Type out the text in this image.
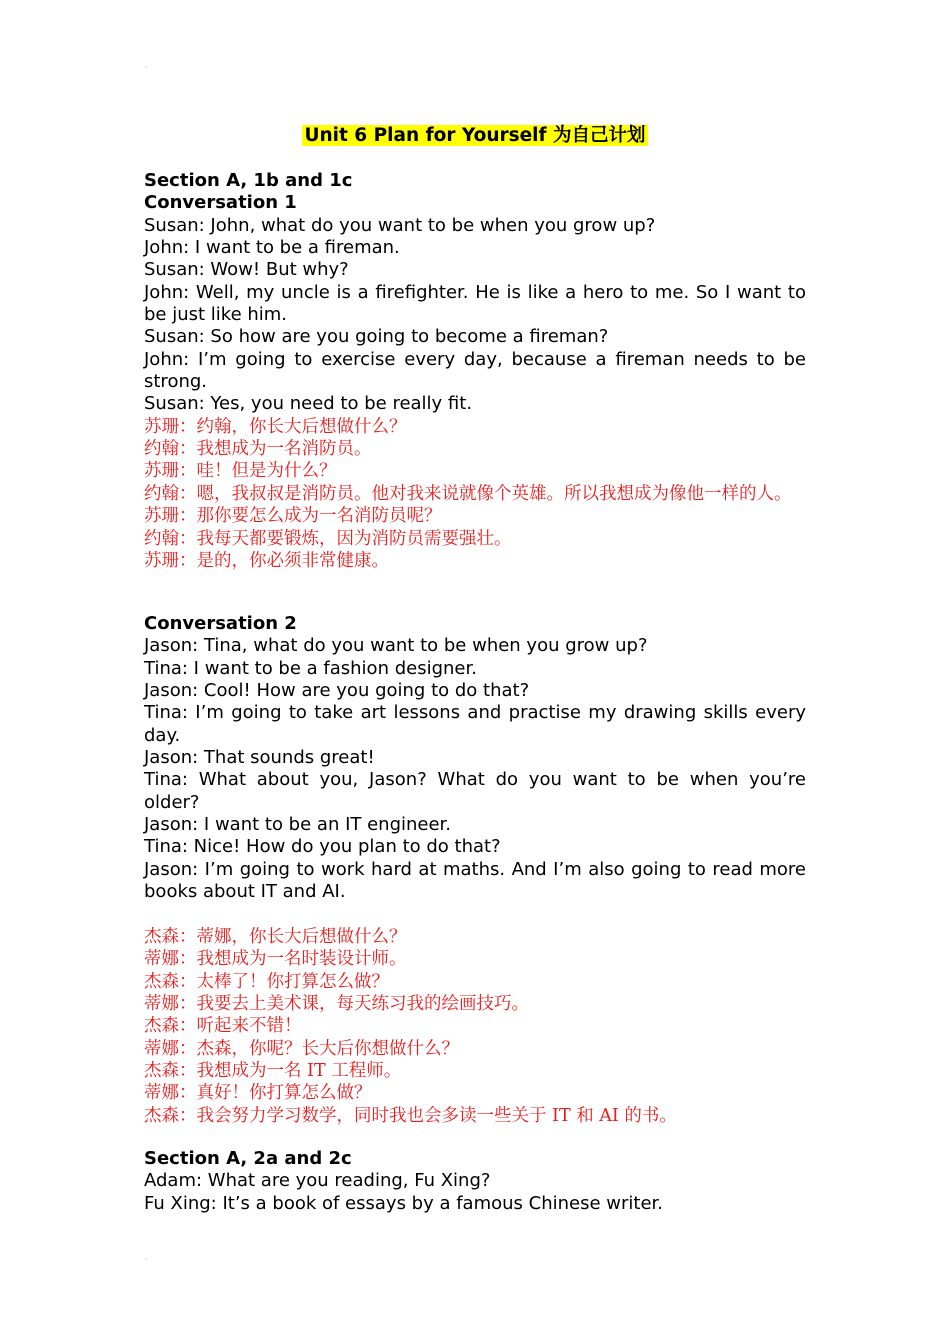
‧
Unit 6 Plan for Yourself 为自己计划

Section A, 1b and 1c

Conversation 1

Susan: John, what do you want to be when you grow up?

John: I want to be a fireman.

Susan: Wow! But why?

John: Well, my uncle is a firefighter. He is like a hero to me. So I want to be just like him.

Susan: So how are you going to become a fireman?

John: I’m going to exercise every day, because a fireman needs to be strong.

Susan: Yes, you need to be really fit.

苏珊：约翰，你长大后想做什么？

约翰：我想成为一名消防员。

苏珊：哇！但是为什么？

约翰：嗯，我叔叔是消防员。他对我来说就像个英雄。所以我想成为像他一样的人。

苏珊：那你要怎么成为一名消防员呢？

约翰：我每天都要锻炼，因为消防员需要强壮。

苏珊：是的，你必须非常健康。

Conversation 2

Jason: Tina, what do you want to be when you grow up?

Tina: I want to be a fashion designer.

Jason: Cool! How are you going to do that?

Tina: I’m going to take art lessons and practise my drawing skills every day.

Jason: That sounds great!

Tina: What about you, Jason? What do you want to be when you’re older?

Jason: I want to be an IT engineer.

Tina: Nice! How do you plan to do that?

Jason: I’m going to work hard at maths. And I’m also going to read more books about IT and AI.

杰森：蒂娜，你长大后想做什么？

蒂娜：我想成为一名时装设计师。

杰森：太棒了！你打算怎么做？

蒂娜：我要去上美术课，每天练习我的绘画技巧。

杰森：听起来不错！

蒂娜：杰森，你呢？长大后你想做什么？

杰森：我想成为一名 IT 工程师。

蒂娜：真好！你打算怎么做？

杰森：我会努力学习数学，同时我也会多读一些关于 IT 和 AI 的书。

Section A, 2a and 2c

Adam: What are you reading, Fu Xing?

Fu Xing: It’s a book of essays by a famous Chinese writer.

‧
